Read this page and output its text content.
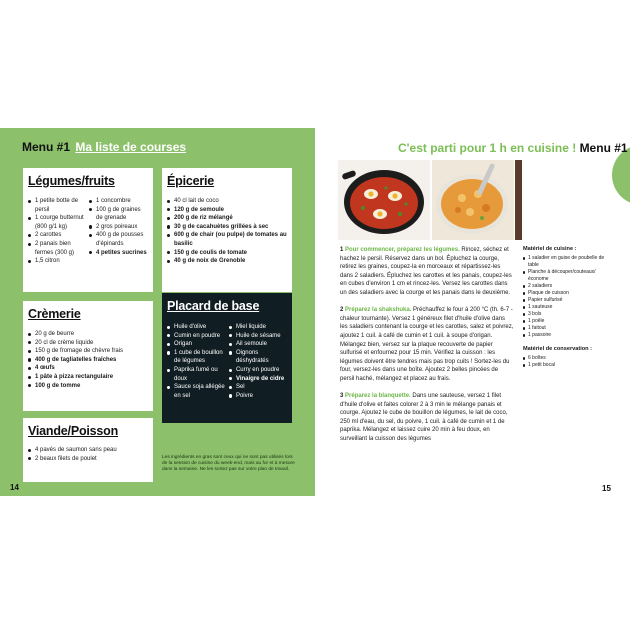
Menu #1 Ma liste de courses
Légumes/fruits
1 petite botte de persil
1 courge butternut (800 g/1 kg)
2 carottes
2 panais bien fermes (300 g)
1,5 citron
1 concombre
100 g de graines de grenade
2 gros poireaux
400 g de pousses d'épinards
4 petites sucrines
Épicerie
40 cl lait de coco
120 g de semoule
200 g de riz mélangé
30 g de cacahuètes grillées à sec
600 g de chair (ou pulpe) de tomates au basilic
150 g de coulis de tomate
40 g de noix de Grenoble
Crèmerie
20 g de beurre
20 cl de crème liquide
150 g de fromage de chèvre frais
400 g de tagliatelles fraîches
4 œufs
1 pâte à pizza rectangulaire
100 g de tomme
Placard de base
Huile d'olive
Cumin en poudre
Origan
1 cube de bouillon de légumes
Paprika fumé ou doux
Sauce soja allégée en sel
Miel liquide
Huile de sésame
Ail semoule
Oignons déshydratés
Curry en poudre
Vinaigre de cidre
Sel
Poivre
Viande/Poisson
4 pavés de saumon sans peau
2 beaux filets de poulet	Les ingrédients en gras sont ceux qui ne sont pas utilisés lors de la session de cuisine du week-end, mais au fur et à mesure dans la semaine. Ne les sortez pas sur votre plan de travail.
14
C'est parti pour 1 h en cuisine ! Menu #1

1 Pour commencer, préparez les légumes. Rincez, séchez et hachez le persil. Réservez dans un bol. Épluchez la courge, retirez les graines, coupez-la en morceaux et répartissez-les dans 2 saladiers. Épluchez les carottes et les panais, coupez-les en cubes d'environ 1 cm et rincez-les. Versez les carottes dans un des saladiers avec la courge et les panais dans le deuxième.

2 Préparez la shakshuka. Préchauffez le four à 200 °C (th. 6-7 - chaleur tournante). Versez 1 généreux filet d'huile d'olive dans les saladiers contenant la courge et les carottes, salez et poivrez, ajoutez 1 cuil. à café de cumin et 1 cuil. à soupe d'origan. Mélangez bien, versez sur la plaque recouverte de papier sulfurisé et enfournez pour 15 min. Vérifiez la cuisson : les légumes doivent être tendres mais pas trop cuits ! Sortez-les du four, versez-les dans une boîte. Ajoutez 2 belles pincées de persil haché, mélangez et placez au frais.

3 Préparez la blanquette. Dans une sauteuse, versez 1 filet d'huile d'olive et faites colorer 2 à 3 min le mélange panais et courge. Ajoutez le cube de bouillon de légumes, le lait de coco, 250 ml d'eau, du sel, du poivre, 1 cuil. à café de cumin et 1 de paprika. Mélangez et laissez cuire 20 min à feu doux, en surveillant la cuisson des légumes

Matériel de cuisine :
1 saladier en guise de poubelle de table
Planche à découper/couteaux/économe
2 saladiers
Plaque de cuisson
Papier sulfurisé
1 sauteuse
3 bols
1 poêle
1 faitout
1 passoire
Matériel de conservation :
6 boîtes
1 petit bocal
15
